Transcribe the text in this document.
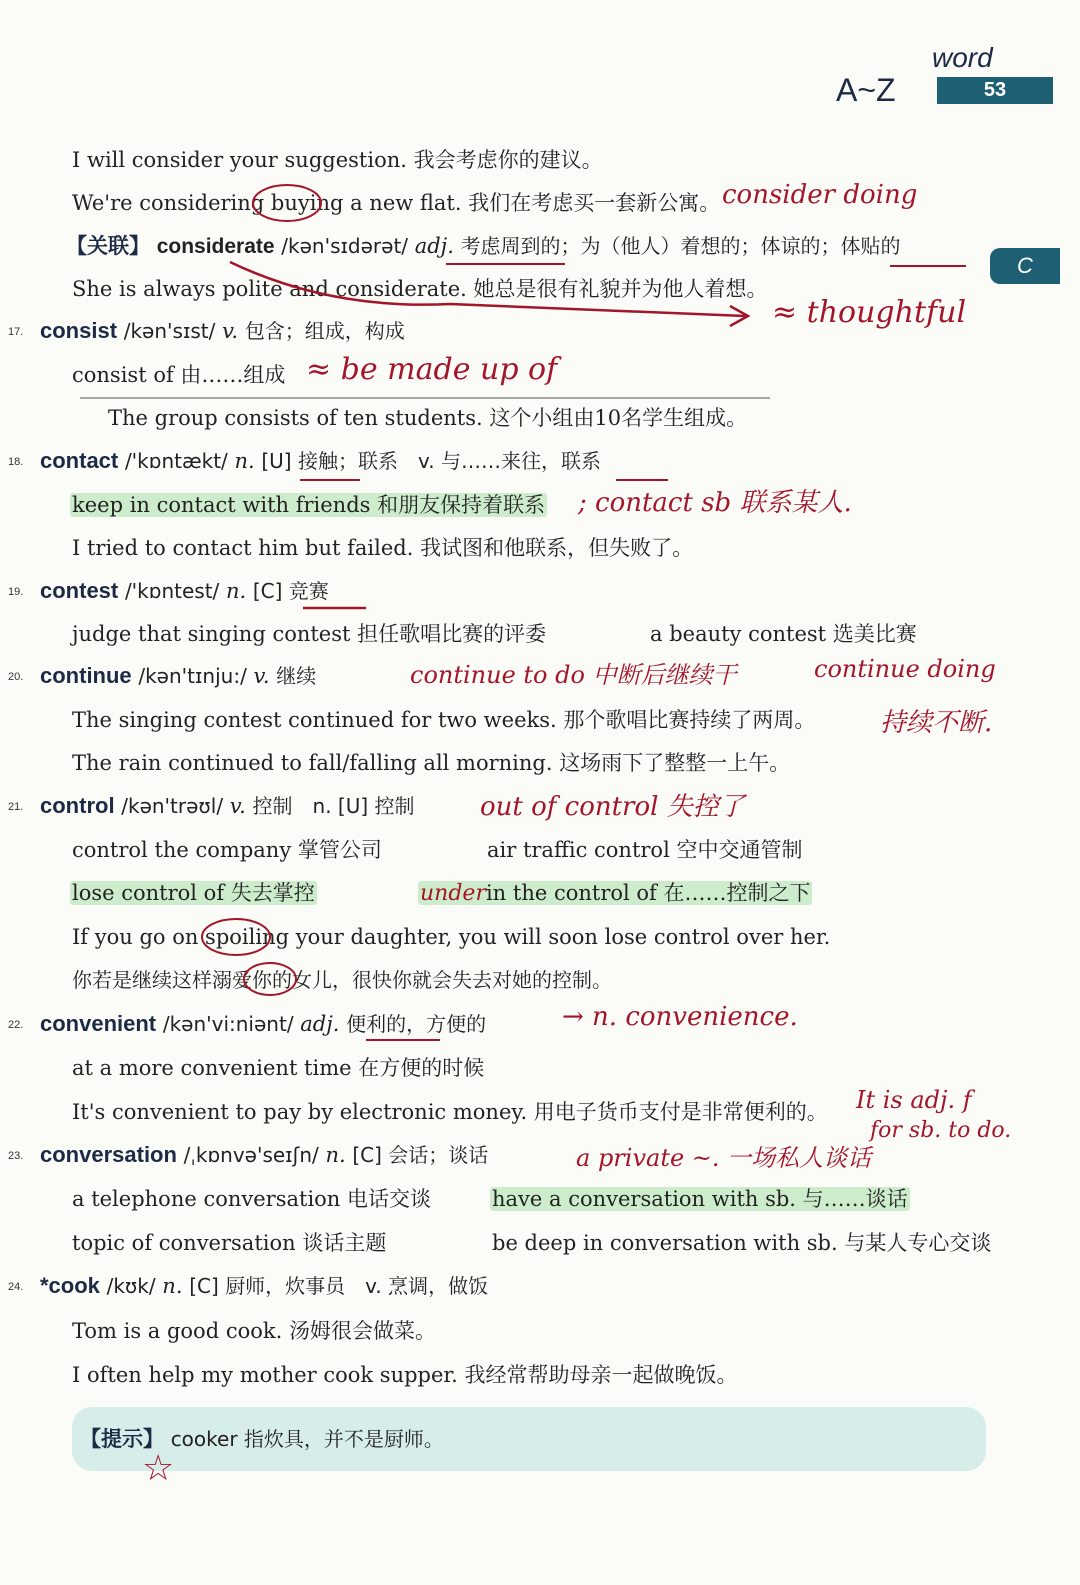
word
A~Z	53
C
I will consider your suggestion. 我会考虑你的建议。
We're considering buying a new flat. 我们在考虑买一套新公寓。 consider doing
【关联】 considerate /kən'sɪdərət/ adj. 考虑周到的；为（他人）着想的；体谅的；体贴的
She is always polite and considerate. 她总是很有礼貌并为他人着想。
≈ thoughtful
17. consist /kən'sɪst/ v. 包含；组成，构成
consist of 由……组成 ≈ be made up of
The group consists of ten students. 这个小组由10名学生组成。
18. contact /'kɒntækt/ n. [U] 接触；联系　v. 与……来往，联系
keep in contact with friends 和朋友保持着联系 ; contact sb 联系某人.
I tried to contact him but failed. 我试图和他联系，但失败了。
19. contest /'kɒntest/ n. [C] 竞赛
judge that singing contest 担任歌唱比赛的评委	a beauty contest 选美比赛
20. continue /kən'tɪnju:/ v. 继续	continue to do 中断后继续干	continue doing
The singing contest continued for two weeks. 那个歌唱比赛持续了两周。 持续不断.
The rain continued to fall/falling all morning. 这场雨下了整整一上午。
21. control /kən'trəʊl/ v. 控制　n. [U] 控制	out of control 失控了
control the company 掌管公司	air traffic control 空中交通管制
lose control of 失去掌控	underin the control of 在……控制之下
If you go on spoiling your daughter, you will soon lose control over her.
你若是继续这样溺爱你的女儿，很快你就会失去对她的控制。
22. convenient /kən'vi:niənt/ adj. 便利的，方便的	→ n. convenience.
at a more convenient time 在方便的时候
It's convenient to pay by electronic money. 用电子货币支付是非常便利的。 It is adj. f
for sb. to do.
23. conversation /ˌkɒnvə'seɪʃn/ n. [C] 会话；谈话	a private ~. 一场私人谈话
a telephone conversation 电话交谈	have a conversation with sb. 与……谈话
topic of conversation 谈话主题	be deep in conversation with sb. 与某人专心交谈
24. *cook /kʊk/ n. [C] 厨师，炊事员　v. 烹调，做饭
Tom is a good cook. 汤姆很会做菜。
I often help my mother cook supper. 我经常帮助母亲一起做晚饭。
【提示】 cooker 指炊具，并不是厨师。
☆
